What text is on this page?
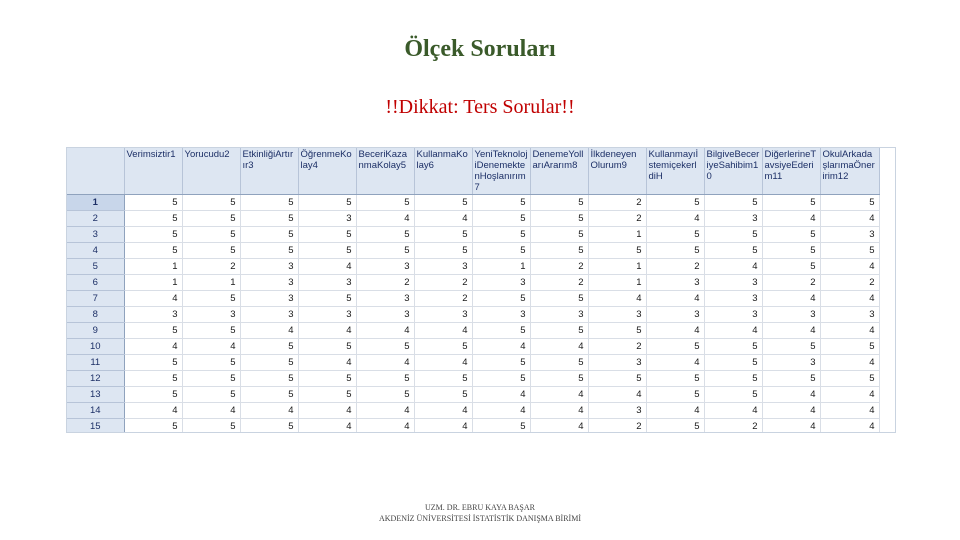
Ölçek Soruları
!!Dikkat: Ters Sorular!!
	Verimsiztir1	Yorucudu2	EtkinliğiArtırır3	ÖğrenmeKolay4	BeceriKazanmaKolay5	KullanmaKolay6	YeniTeknolojiDenemektenHoşlanırım7	DenemeYollarıArarım8	İlkdeneyenOlurum9	KullanmayıİstemiçekerldiH	BilgiveBeceriyeSahibim10	DiğerlerineTavsiyeEderim11	OkulArkadaşlarımaÖneririm12
1	5	5	5	5	5	5	5	5	2	5	5	5	5
2	5	5	5	3	4	4	5	5	2	4	3	4	4
3	5	5	5	5	5	5	5	5	1	5	5	5	3
4	5	5	5	5	5	5	5	5	5	5	5	5	5
5	1	2	3	4	3	3	1	2	1	2	4	5	4
6	1	1	3	3	2	2	3	2	1	3	3	2	2
7	4	5	3	5	3	2	5	5	4	4	3	4	4
8	3	3	3	3	3	3	3	3	3	3	3	3	3
9	5	5	4	4	4	4	5	5	5	4	4	4	4
10	4	4	5	5	5	5	4	4	2	5	5	5	5
11	5	5	5	4	4	4	5	5	3	4	5	3	4
12	5	5	5	5	5	5	5	5	5	5	5	5	5
13	5	5	5	5	5	5	4	4	4	5	5	4	4
14	4	4	4	4	4	4	4	4	3	4	4	4	4
15	5	5	5	4	4	4	5	4	2	5	2	4	4
UZM. DR. EBRU KAYA BAŞAR
AKDENİZ ÜNİVERSİTESİ İSTATİSTİK DANIŞMA BİRİMİ
